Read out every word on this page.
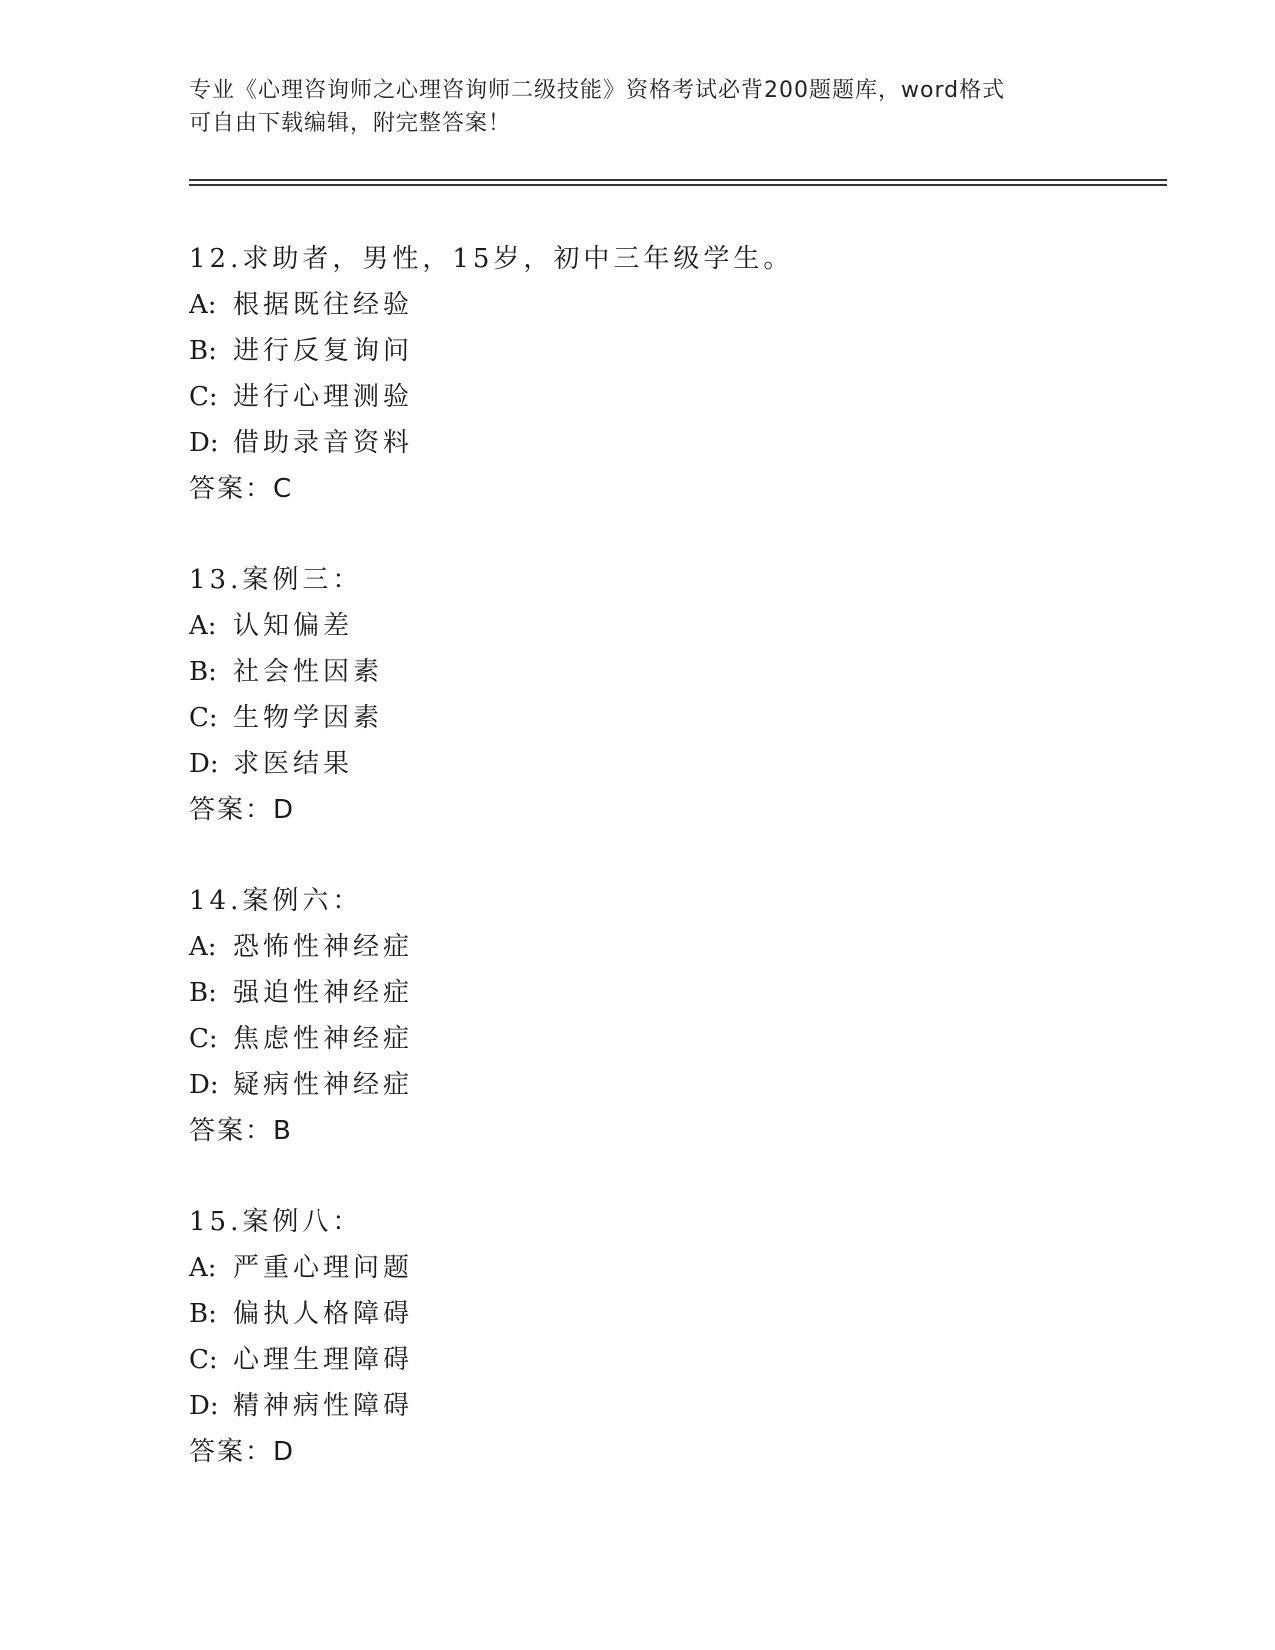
专业《心理咨询师之心理咨询师二级技能》资格考试必背200题题库，word格式
可自由下载编辑，附完整答案！
12.求助者，男性，15岁，初中三年级学生。
A: 根据既往经验
B: 进行反复询问
C: 进行心理测验
D: 借助录音资料
答案：C
13.案例三：
A: 认知偏差
B: 社会性因素
C: 生物学因素
D: 求医结果
答案：D
14.案例六：
A: 恐怖性神经症
B: 强迫性神经症
C: 焦虑性神经症
D: 疑病性神经症
答案：B
15.案例八：
A: 严重心理问题
B: 偏执人格障碍
C: 心理生理障碍
D: 精神病性障碍
答案：D
